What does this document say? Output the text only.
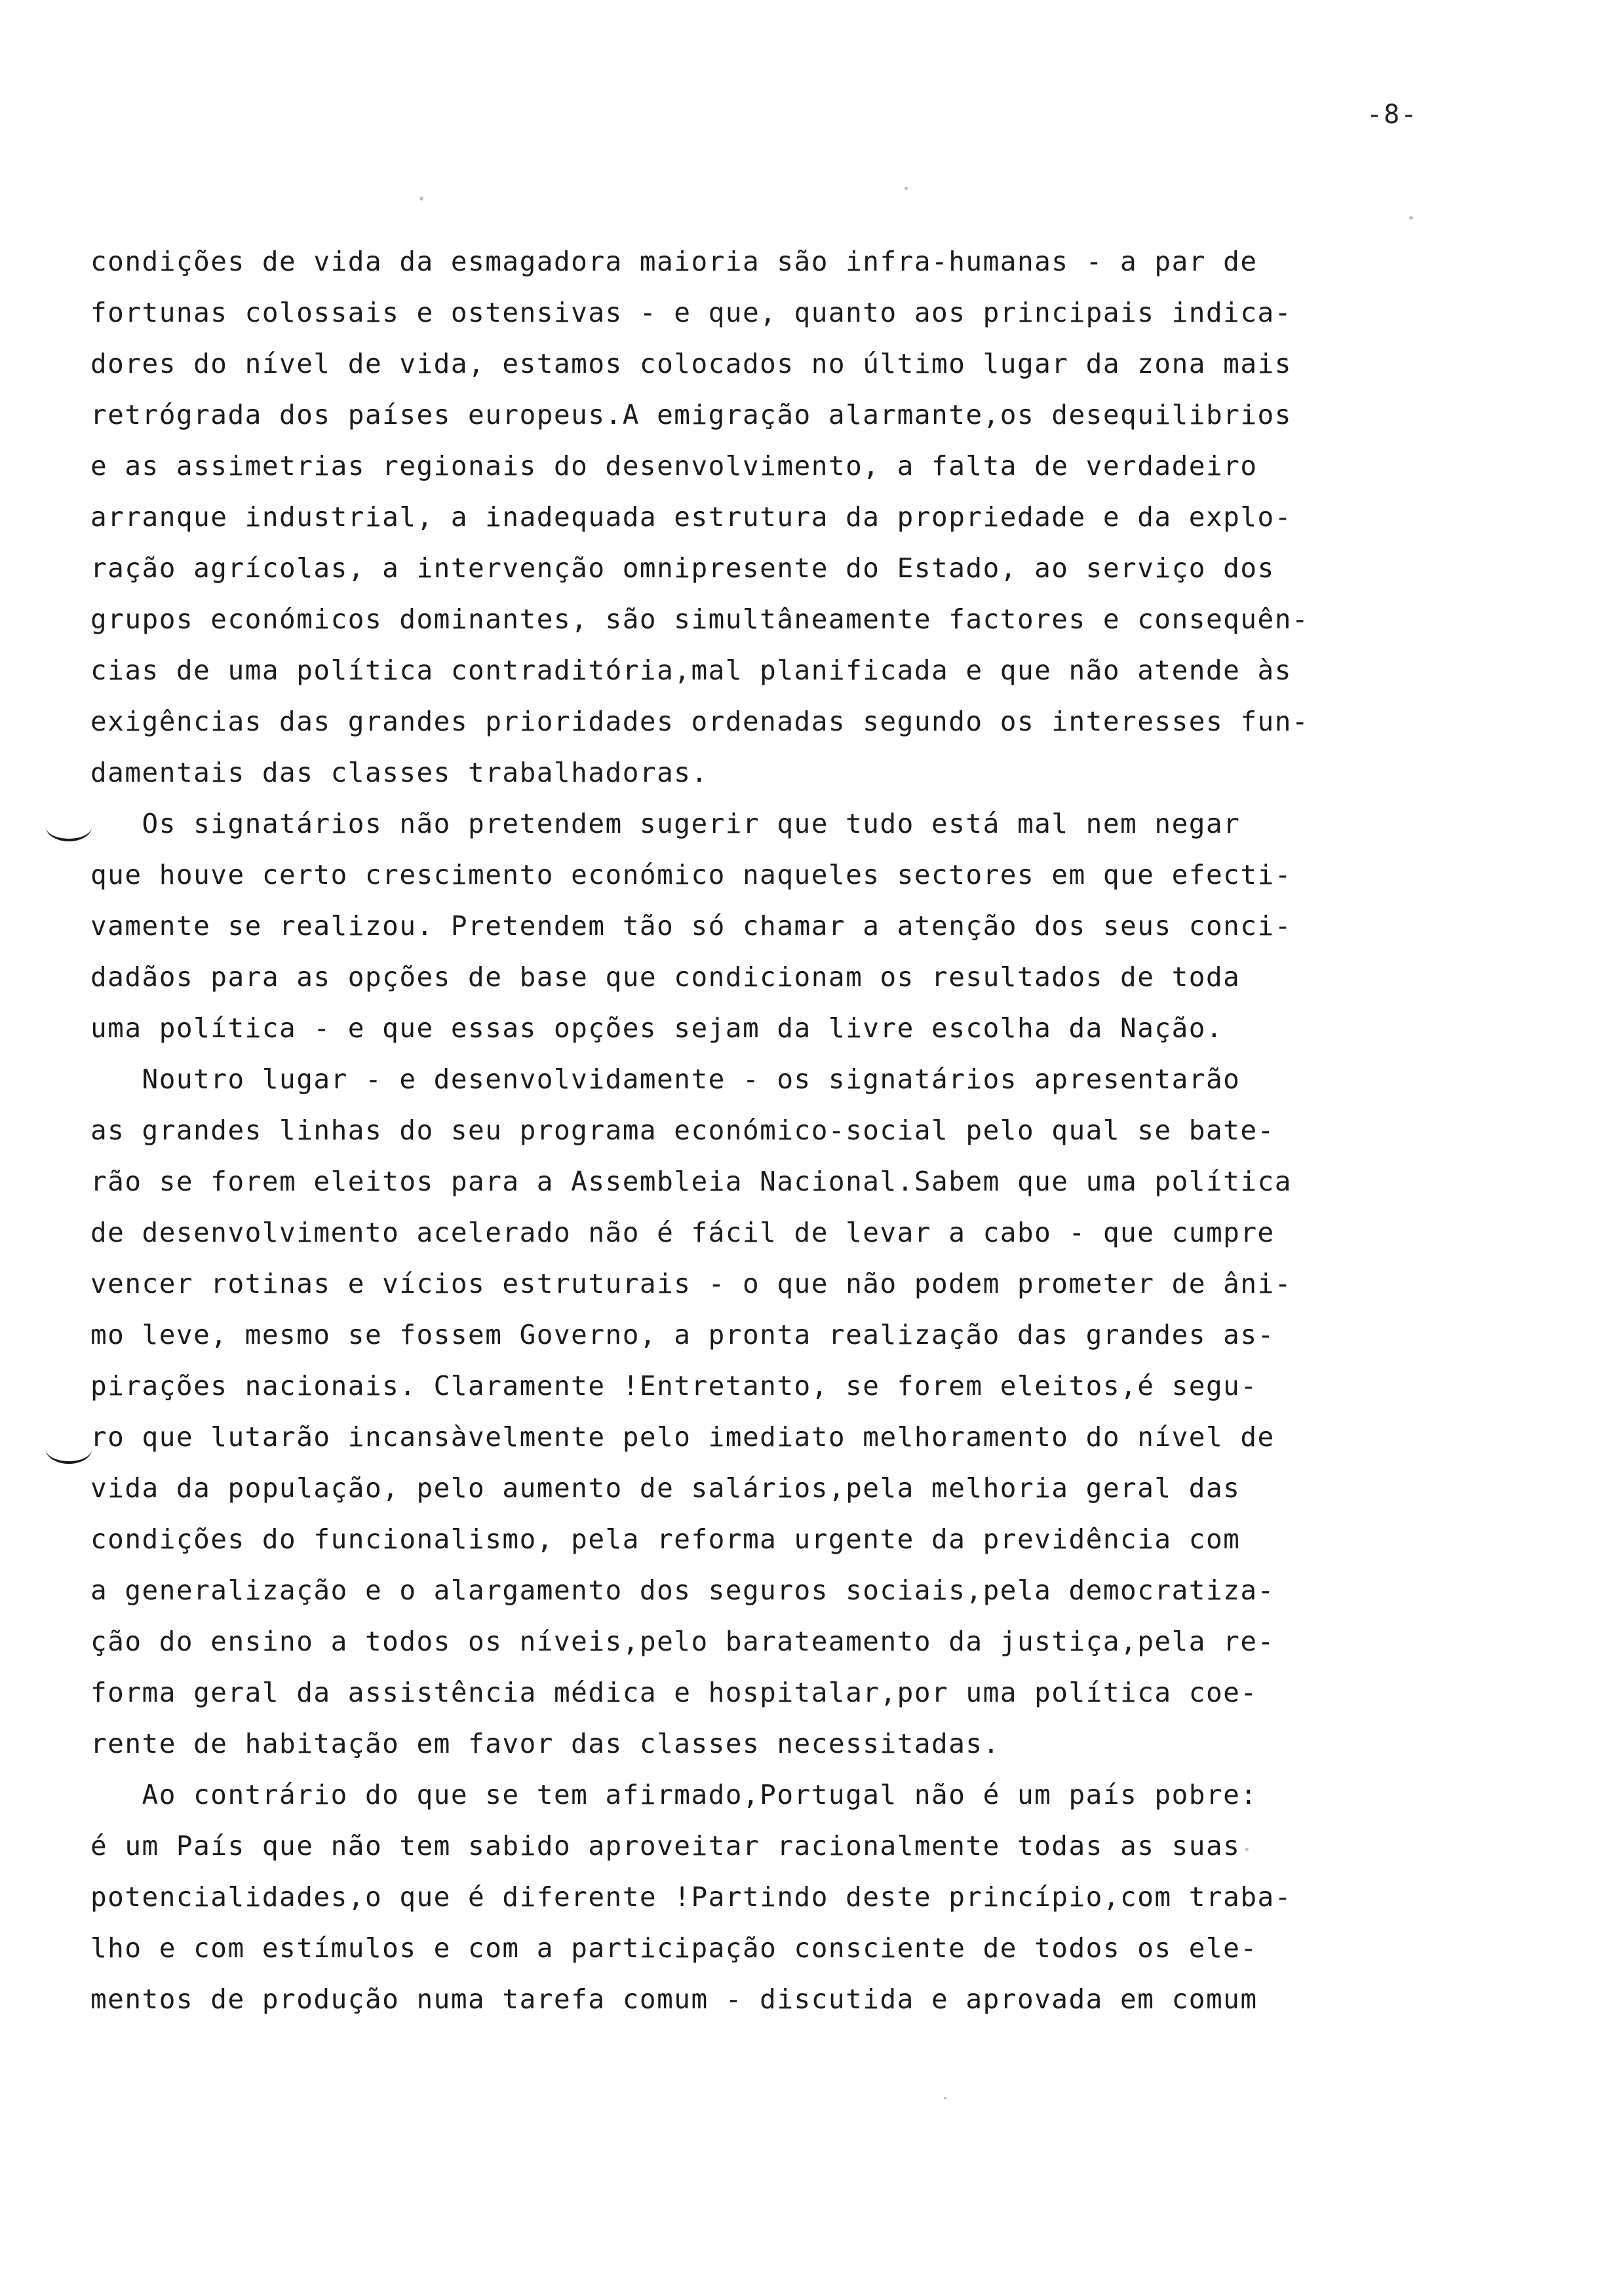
-8-
condições de vida da esmagadora maioria são infra-humanas - a par de
fortunas colossais e ostensivas - e que, quanto aos principais indica-
dores do nível de vida, estamos colocados no último lugar da zona mais
retrógrada dos países europeus.A emigração alarmante,os desequilibrios
e as assimetrias regionais do desenvolvimento, a falta de verdadeiro
arranque industrial, a inadequada estrutura da propriedade e da explo-
ração agrícolas, a intervenção omnipresente do Estado, ao serviço dos
grupos económicos dominantes, são simultâneamente factores e consequên-
cias de uma política contraditória,mal planificada e que não atende às
exigências das grandes prioridades ordenadas segundo os interesses fun-
damentais das classes trabalhadoras.
Os signatários não pretendem sugerir que tudo está mal nem negar
que houve certo crescimento económico naqueles sectores em que efecti-
vamente se realizou. Pretendem tão só chamar a atenção dos seus conci-
dadãos para as opções de base que condicionam os resultados de toda
uma política - e que essas opções sejam da livre escolha da Nação.
Noutro lugar - e desenvolvidamente - os signatários apresentarão
as grandes linhas do seu programa económico-social pelo qual se bate-
rão se forem eleitos para a Assembleia Nacional.Sabem que uma política
de desenvolvimento acelerado não é fácil de levar a cabo - que cumpre
vencer rotinas e vícios estruturais - o que não podem prometer de âni-
mo leve, mesmo se fossem Governo, a pronta realização das grandes as-
pirações nacionais. Claramente !Entretanto, se forem eleitos,é segu-
ro que lutarão incansàvelmente pelo imediato melhoramento do nível de
vida da população, pelo aumento de salários,pela melhoria geral das
condições do funcionalismo, pela reforma urgente da previdência com
a generalização e o alargamento dos seguros sociais,pela democratiza-
ção do ensino a todos os níveis,pelo barateamento da justiça,pela re-
forma geral da assistência médica e hospitalar,por uma política coe-
rente de habitação em favor das classes necessitadas.
Ao contrário do que se tem afirmado,Portugal não é um país pobre:
é um País que não tem sabido aproveitar racionalmente todas as suas
potencialidades,o que é diferente !Partindo deste princípio,com traba-
lho e com estímulos e com a participação consciente de todos os ele-
mentos de produção numa tarefa comum - discutida e aprovada em comum
